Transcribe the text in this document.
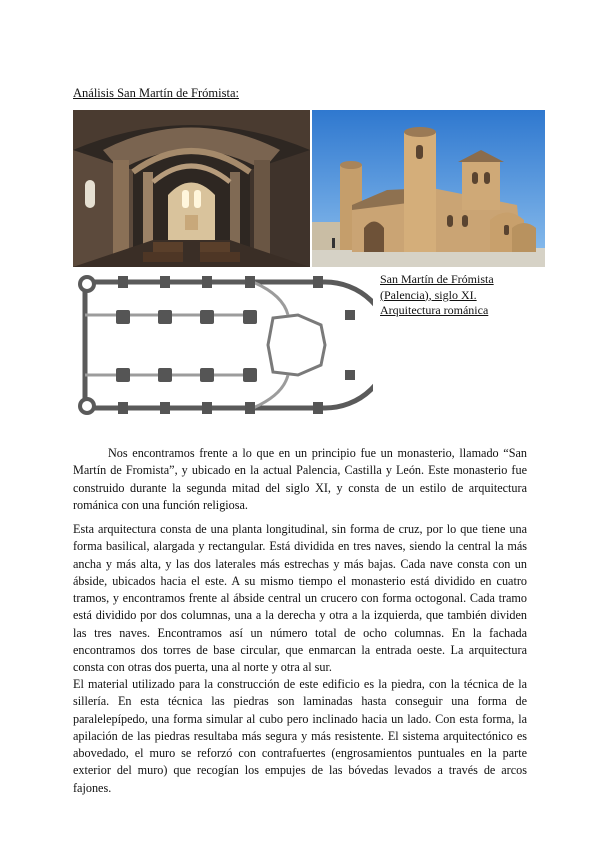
Análisis San Martín de Frómista:
San Martín de Frómista
(Palencia), siglo XI.
Arquitectura románica

Nos encontramos frente a lo que en un principio fue un monasterio, llamado “San Martín de Fromista”, y ubicado en la actual Palencia, Castilla y León. Este monasterio fue construido durante la segunda mitad del siglo XI, y consta de un estilo de arquitectura románica con una función religiosa.

Esta arquitectura consta de una planta longitudinal, sin forma de cruz, por lo que tiene una forma basilical, alargada y rectangular. Está dividida en tres naves, siendo la central la más ancha y más alta, y las dos laterales más estrechas y más bajas. Cada nave consta con un ábside, ubicados hacia el este. A su mismo tiempo el monasterio está dividido en cuatro tramos, y encontramos frente al ábside central un crucero con forma octogonal. Cada tramo está dividido por dos columnas, una a la derecha y otra a la izquierda, que también dividen las tres naves. Encontramos así un número total de ocho columnas. En la fachada encontramos dos torres de base circular, que enmarcan la entrada oeste. La arquitectura consta con otras dos puerta, una al norte y otra al sur.

El material utilizado para la construcción de este edificio es la piedra, con la técnica de la sillería. En esta técnica las piedras son laminadas hasta conseguir una forma de paralelepípedo, una forma simular al cubo pero inclinado hacia un lado. Con esta forma, la apilación de las piedras resultaba más segura y más resistente. El sistema arquitectónico es abovedado, el muro se reforzó con contrafuertes (engrosamientos puntuales en la parte exterior del muro) que recogían los empujes de las bóvedas levados a través de arcos fajones.
